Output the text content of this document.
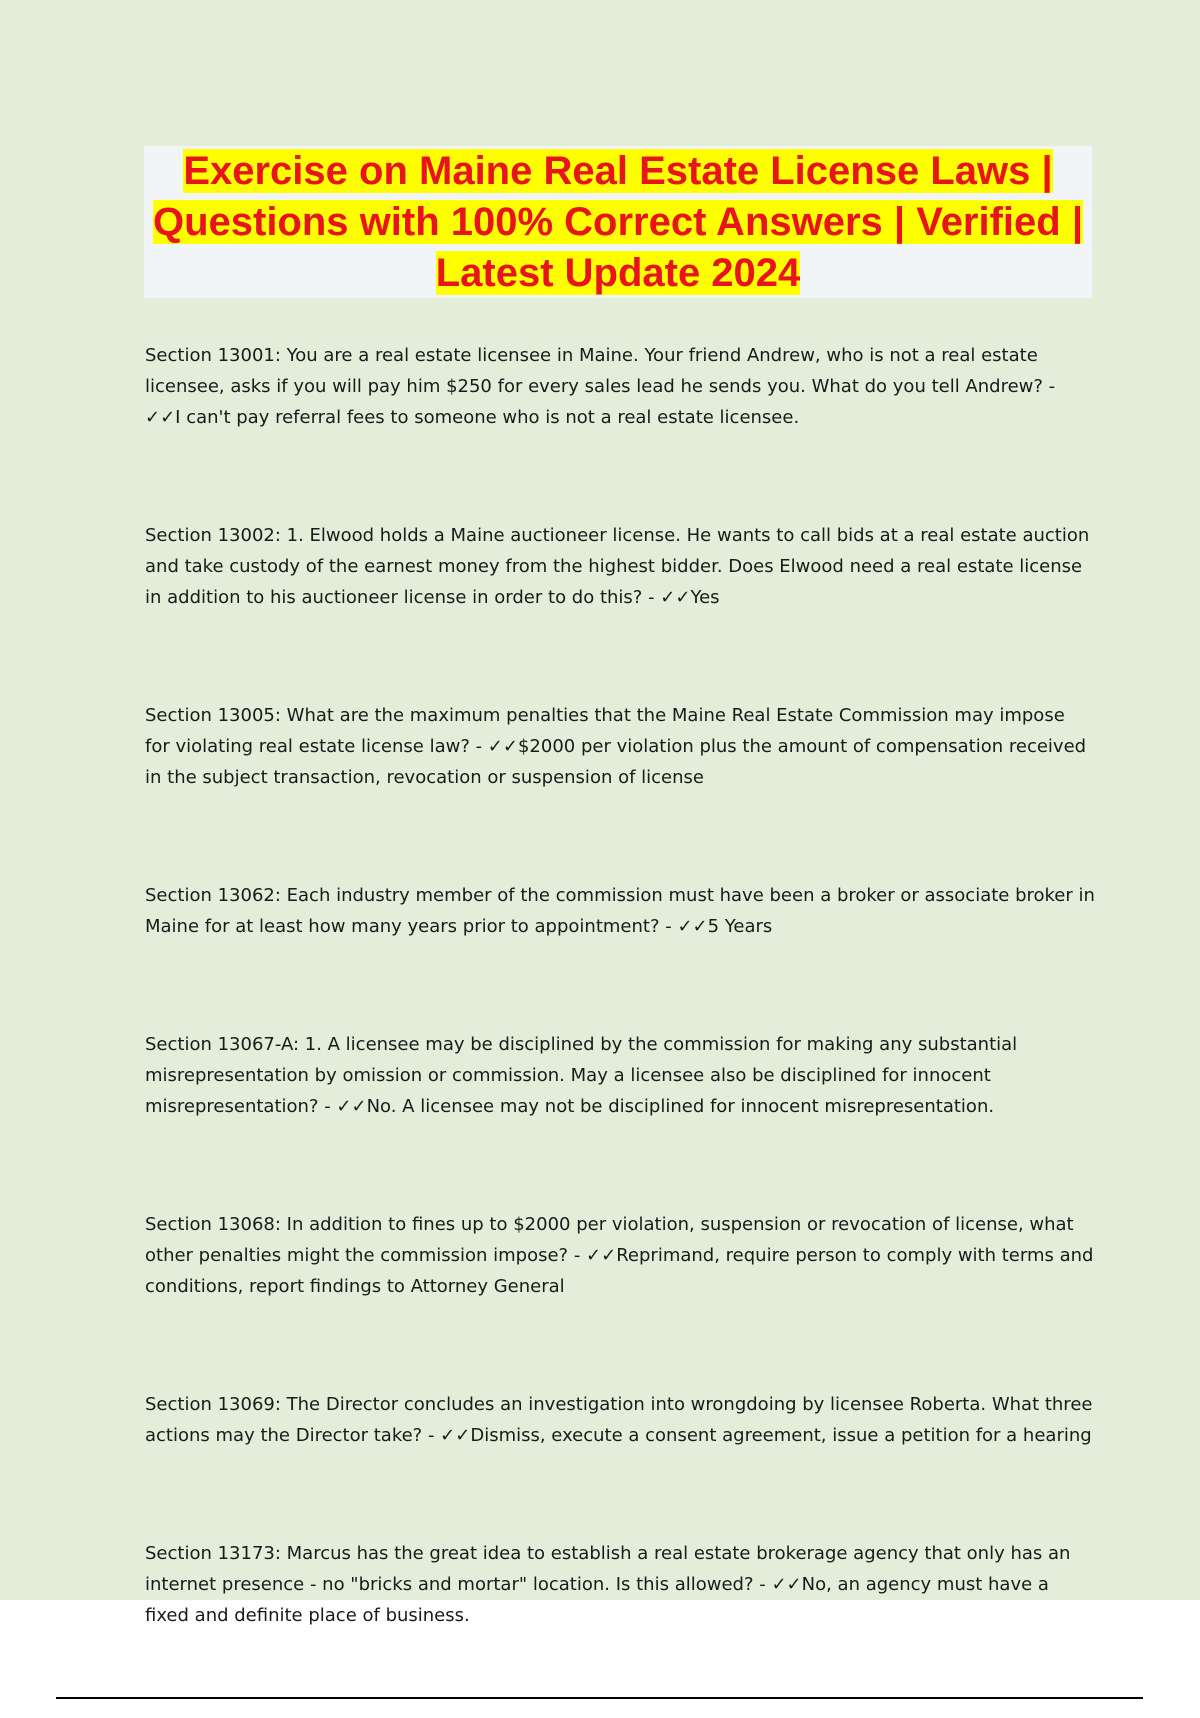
Exercise on Maine Real Estate License Laws | Questions with 100% Correct Answers | Verified | Latest Update 2024

Section 13001: You are a real estate licensee in Maine. Your friend Andrew, who is not a real estate licensee, asks if you will pay him $250 for every sales lead he sends you. What do you tell Andrew? - ✓✓I can't pay referral fees to someone who is not a real estate licensee.

Section 13002: 1. Elwood holds a Maine auctioneer license. He wants to call bids at a real estate auction and take custody of the earnest money from the highest bidder. Does Elwood need a real estate license in addition to his auctioneer license in order to do this? - ✓✓Yes

Section 13005: What are the maximum penalties that the Maine Real Estate Commission may impose for violating real estate license law? - ✓✓$2000 per violation plus the amount of compensation received in the subject transaction, revocation or suspension of license

Section 13062: Each industry member of the commission must have been a broker or associate broker in Maine for at least how many years prior to appointment? - ✓✓5 Years

Section 13067-A: 1. A licensee may be disciplined by the commission for making any substantial misrepresentation by omission or commission. May a licensee also be disciplined for innocent misrepresentation? - ✓✓No. A licensee may not be disciplined for innocent misrepresentation.

Section 13068: In addition to fines up to $2000 per violation, suspension or revocation of license, what other penalties might the commission impose? - ✓✓Reprimand, require person to comply with terms and conditions, report findings to Attorney General

Section 13069: The Director concludes an investigation into wrongdoing by licensee Roberta. What three actions may the Director take? - ✓✓Dismiss, execute a consent agreement, issue a petition for a hearing

Section 13173: Marcus has the great idea to establish a real estate brokerage agency that only has an internet presence - no "bricks and mortar" location. Is this allowed? - ✓✓No, an agency must have a fixed and definite place of business.
